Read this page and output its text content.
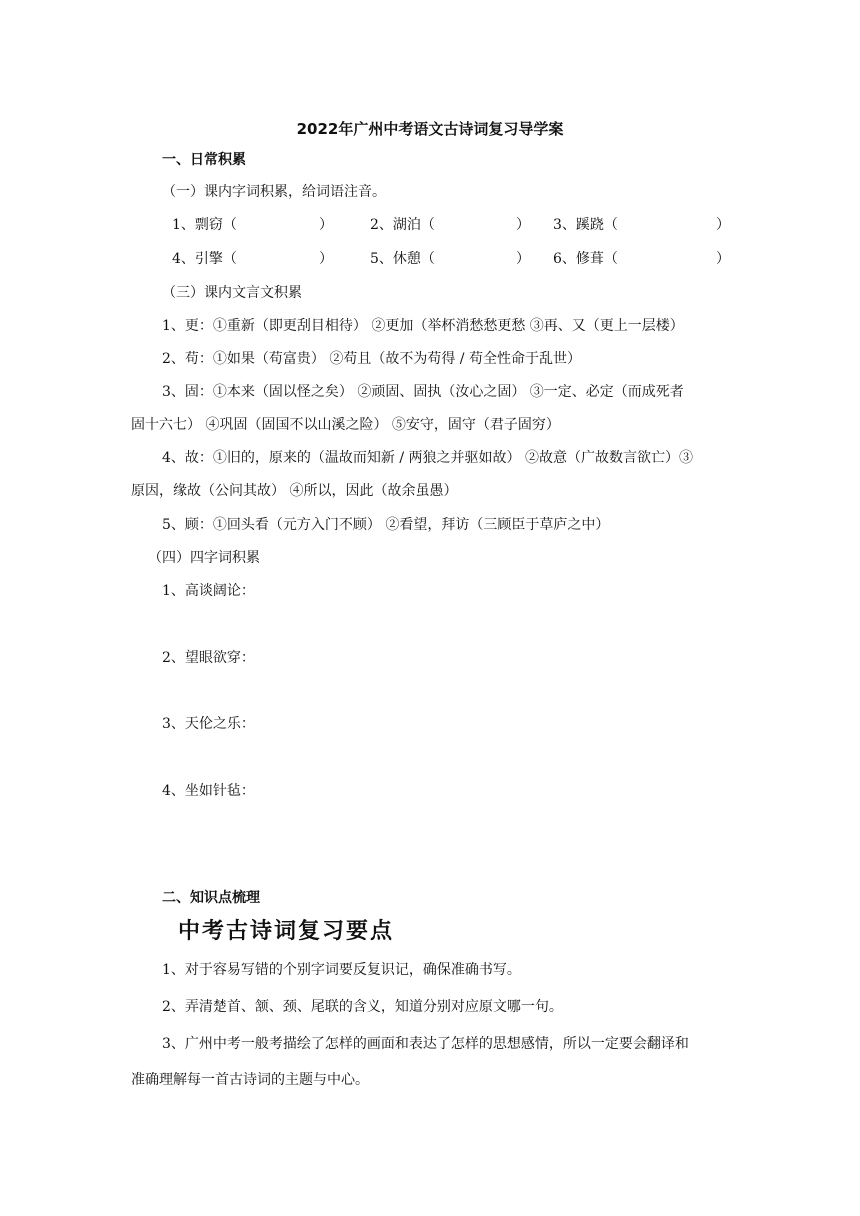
2022年广州中考语文古诗词复习导学案
一、日常积累
（一）课内字词积累，给词语注音。
1、剽窃（	）	2、湖泊（	） 3、蹊跷（	）
4、引擎（	）	5、休憩（	） 6、修葺（	）
（三）课内文言文积累
1、更：①重新（即更刮目相待） ②更加（举杯消愁愁更愁 ③再、又（更上一层楼）
2、苟：①如果（苟富贵） ②苟且（故不为苟得 / 苟全性命于乱世）
3、固：①本来（固以怪之矣） ②顽固、固执（汝心之固） ③一定、必定（而成死者
固十六七） ④巩固（固国不以山溪之险） ⑤安守，固守（君子固穷）
4、故：①旧的，原来的（温故而知新 / 两狼之并驱如故） ②故意（广故数言欲亡）③
原因，缘故（公问其故） ④所以，因此（故余虽愚）
5、顾：①回头看（元方入门不顾） ②看望，拜访（三顾臣于草庐之中）
（四）四字词积累
1、高谈阔论：
2、望眼欲穿：
3、天伦之乐：
4、坐如针毡：
二、知识点梳理
中考古诗词复习要点
1、对于容易写错的个别字词要反复识记，确保准确书写。
2、弄清楚首、颔、颈、尾联的含义，知道分别对应原文哪一句。
3、广州中考一般考描绘了怎样的画面和表达了怎样的思想感情，所以一定要会翻译和
准确理解每一首古诗词的主题与中心。
